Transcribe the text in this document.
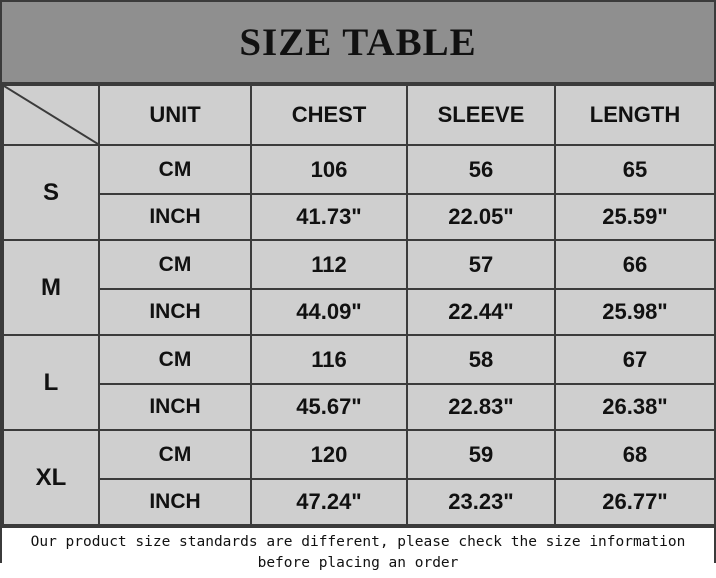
SIZE TABLE
	UNIT	CHEST	SLEEVE	LENGTH
S	CM	106	56	65
	INCH	41.73"	22.05"	25.59"
M	CM	112	57	66
	INCH	44.09"	22.44"	25.98"
L	CM	116	58	67
	INCH	45.67"	22.83"	26.38"
XL	CM	120	59	68
	INCH	47.24"	23.23"	26.77"
Our product size standards are different, please check the size information before placing an order
